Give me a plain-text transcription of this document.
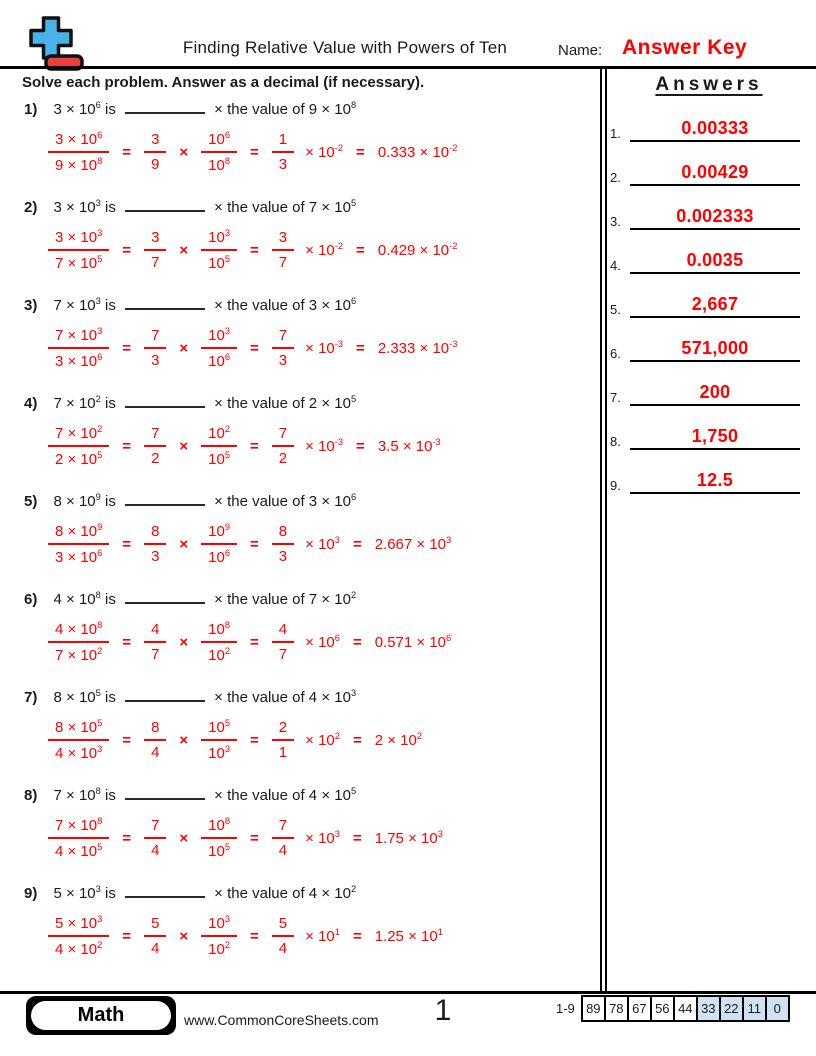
Finding Relative Value with Powers of Ten	Name: Answer Key
Solve each problem. Answer as a decimal (if necessary).
1) $3 \times 10^6$ is	× the value of $9 \times 10^8$
$\frac{3 \times 10^6}{9 \times 10^8} = \frac{3}{9} \times \frac{10^6}{10^8} = \frac{1}{3} \times 10^{-2} = 0.333 \times 10^{-2}$
2) $3 \times 10^3$ is	× the value of $7 \times 10^5$
$\frac{3 \times 10^3}{7 \times 10^5} = \frac{3}{7} \times \frac{10^3}{10^5} = \frac{3}{7} \times 10^{-2} = 0.429 \times 10^{-2}$
3) $7 \times 10^3$ is	× the value of $3 \times 10^6$
$\frac{7 \times 10^3}{3 \times 10^6} = \frac{7}{3} \times \frac{10^3}{10^6} = \frac{7}{3} \times 10^{-3} = 2.333 \times 10^{-3}$
4) $7 \times 10^2$ is	× the value of $2 \times 10^5$
$\frac{7 \times 10^2}{2 \times 10^5} = \frac{7}{2} \times \frac{10^2}{10^5} = \frac{7}{2} \times 10^{-3} = 3.5 \times 10^{-3}$
5) $8 \times 10^9$ is	× the value of $3 \times 10^6$
$\frac{8 \times 10^9}{3 \times 10^6} = \frac{8}{3} \times \frac{10^9}{10^6} = \frac{8}{3} \times 10^3 = 2.667 \times 10^3$
6) $4 \times 10^8$ is	× the value of $7 \times 10^2$
$\frac{4 \times 10^8}{7 \times 10^2} = \frac{4}{7} \times \frac{10^8}{10^2} = \frac{4}{7} \times 10^6 = 0.571 \times 10^6$
7) $8 \times 10^5$ is	× the value of $4 \times 10^3$
$\frac{8 \times 10^5}{4 \times 10^3} = \frac{8}{4} \times \frac{10^5}{10^3} = \frac{2}{1} \times 10^2 = 2 \times 10^2$
8) $7 \times 10^8$ is	× the value of $4 \times 10^5$
$\frac{7 \times 10^8}{4 \times 10^5} = \frac{7}{4} \times \frac{10^8}{10^5} = \frac{7}{4} \times 10^3 = 1.75 \times 10^3$
9) $5 \times 10^3$ is	× the value of $4 \times 10^2$
$\frac{5 \times 10^3}{4 \times 10^2} = \frac{5}{4} \times \frac{10^3}{10^2} = \frac{5}{4} \times 10^1 = 1.25 \times 10^1$
Answers
1.	0.00333
2.	0.00429
3.	0.002333
4.	0.0035
5.	2,667
6.	571,000
7.	200
8.	1,750
9.	12.5
Math	www.CommonCoreSheets.com	1	1-9 89 78 67 56 44 33 22 11 0
